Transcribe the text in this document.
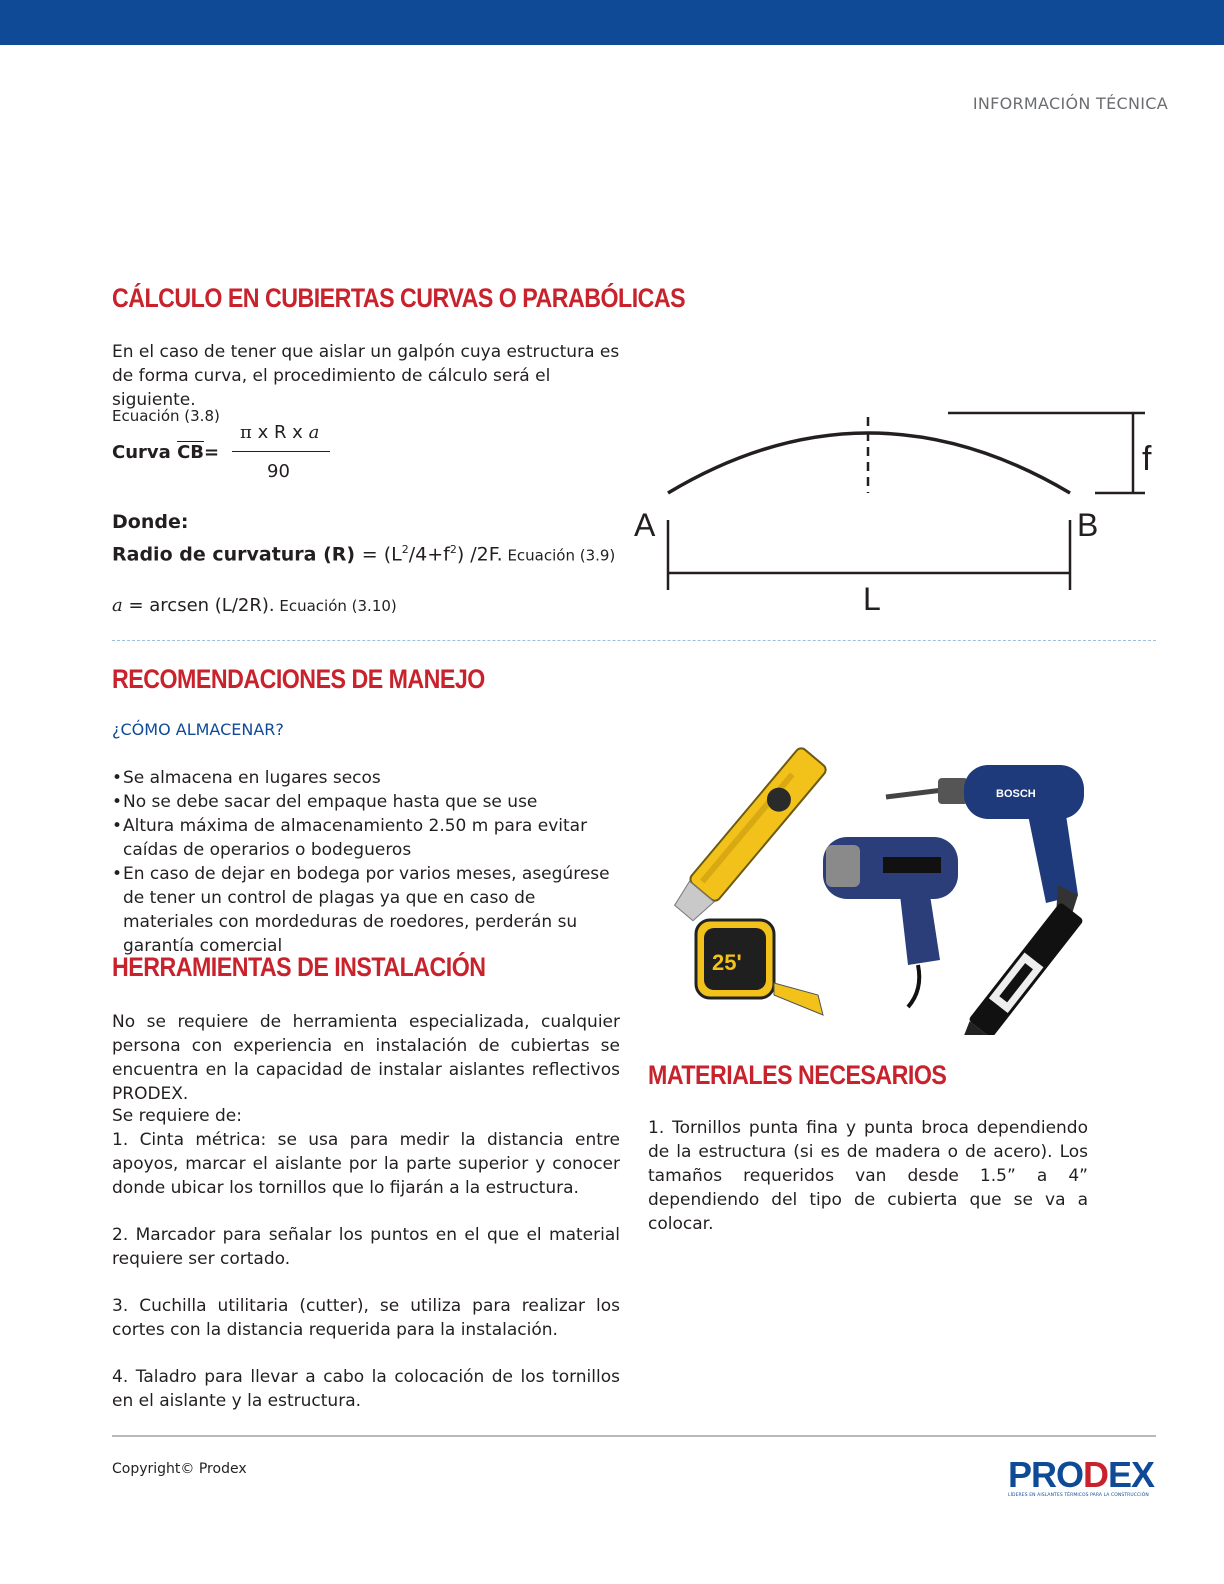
INFORMACIÓN TÉCNICA
CÁLCULO EN CUBIERTAS CURVAS O PARABÓLICAS

En el caso de tener que aislar un galpón cuya estructura es de forma curva, el procedimiento de cálculo será el siguiente.

Ecuación (3.8)
Curva $\overline{CB}=$
π x R x a
90
Donde:
Radio de curvatura $(R) = (L^2/4+f^2)$ /2F. Ecuación (3.9)
a = arcsen (L/2R). Ecuación (3.10)
A	B
f
L
RECOMENDACIONES DE MANEJO
¿CÓMO ALMACENAR?
• Se almacena en lugares secos
• No se debe sacar del empaque hasta que se use
• Altura máxima de almacenamiento 2.50 m para evitar caídas de operarios o bodegueros
• En caso de dejar en bodega por varios meses, asegúrese de tener un control de plagas ya que en caso de materiales con mordeduras de roedores, perderán su garantía comercial
HERRAMIENTAS DE INSTALACIÓN

No se requiere de herramienta especializada, cualquier persona con experiencia en instalación de cubiertas se encuentra en la capacidad de instalar aislantes reflectivos PRODEX.

Se requiere de:

1. Cinta métrica: se usa para medir la distancia entre apoyos, marcar el aislante por la parte superior y conocer donde ubicar los tornillos que lo fijarán a la estructura.

2. Marcador para señalar los puntos en el que el material requiere ser cortado.

3. Cuchilla utilitaria (cutter), se utiliza para realizar los cortes con la distancia requerida para la instalación.

4. Taladro para llevar a cabo la colocación de los tornillos en el aislante y la estructura.

25'
BOSCH
MATERIALES NECESARIOS

1. Tornillos punta fina y punta broca dependiendo de la estructura (si es de madera o de acero). Los tamaños requeridos van desde 1.5” a 4” dependiendo del tipo de cubierta que se va a colocar.

Copyright© Prodex	PRODEX
LÍDERES EN AISLANTES TÉRMICOS PARA LA CONSTRUCCIÓN
